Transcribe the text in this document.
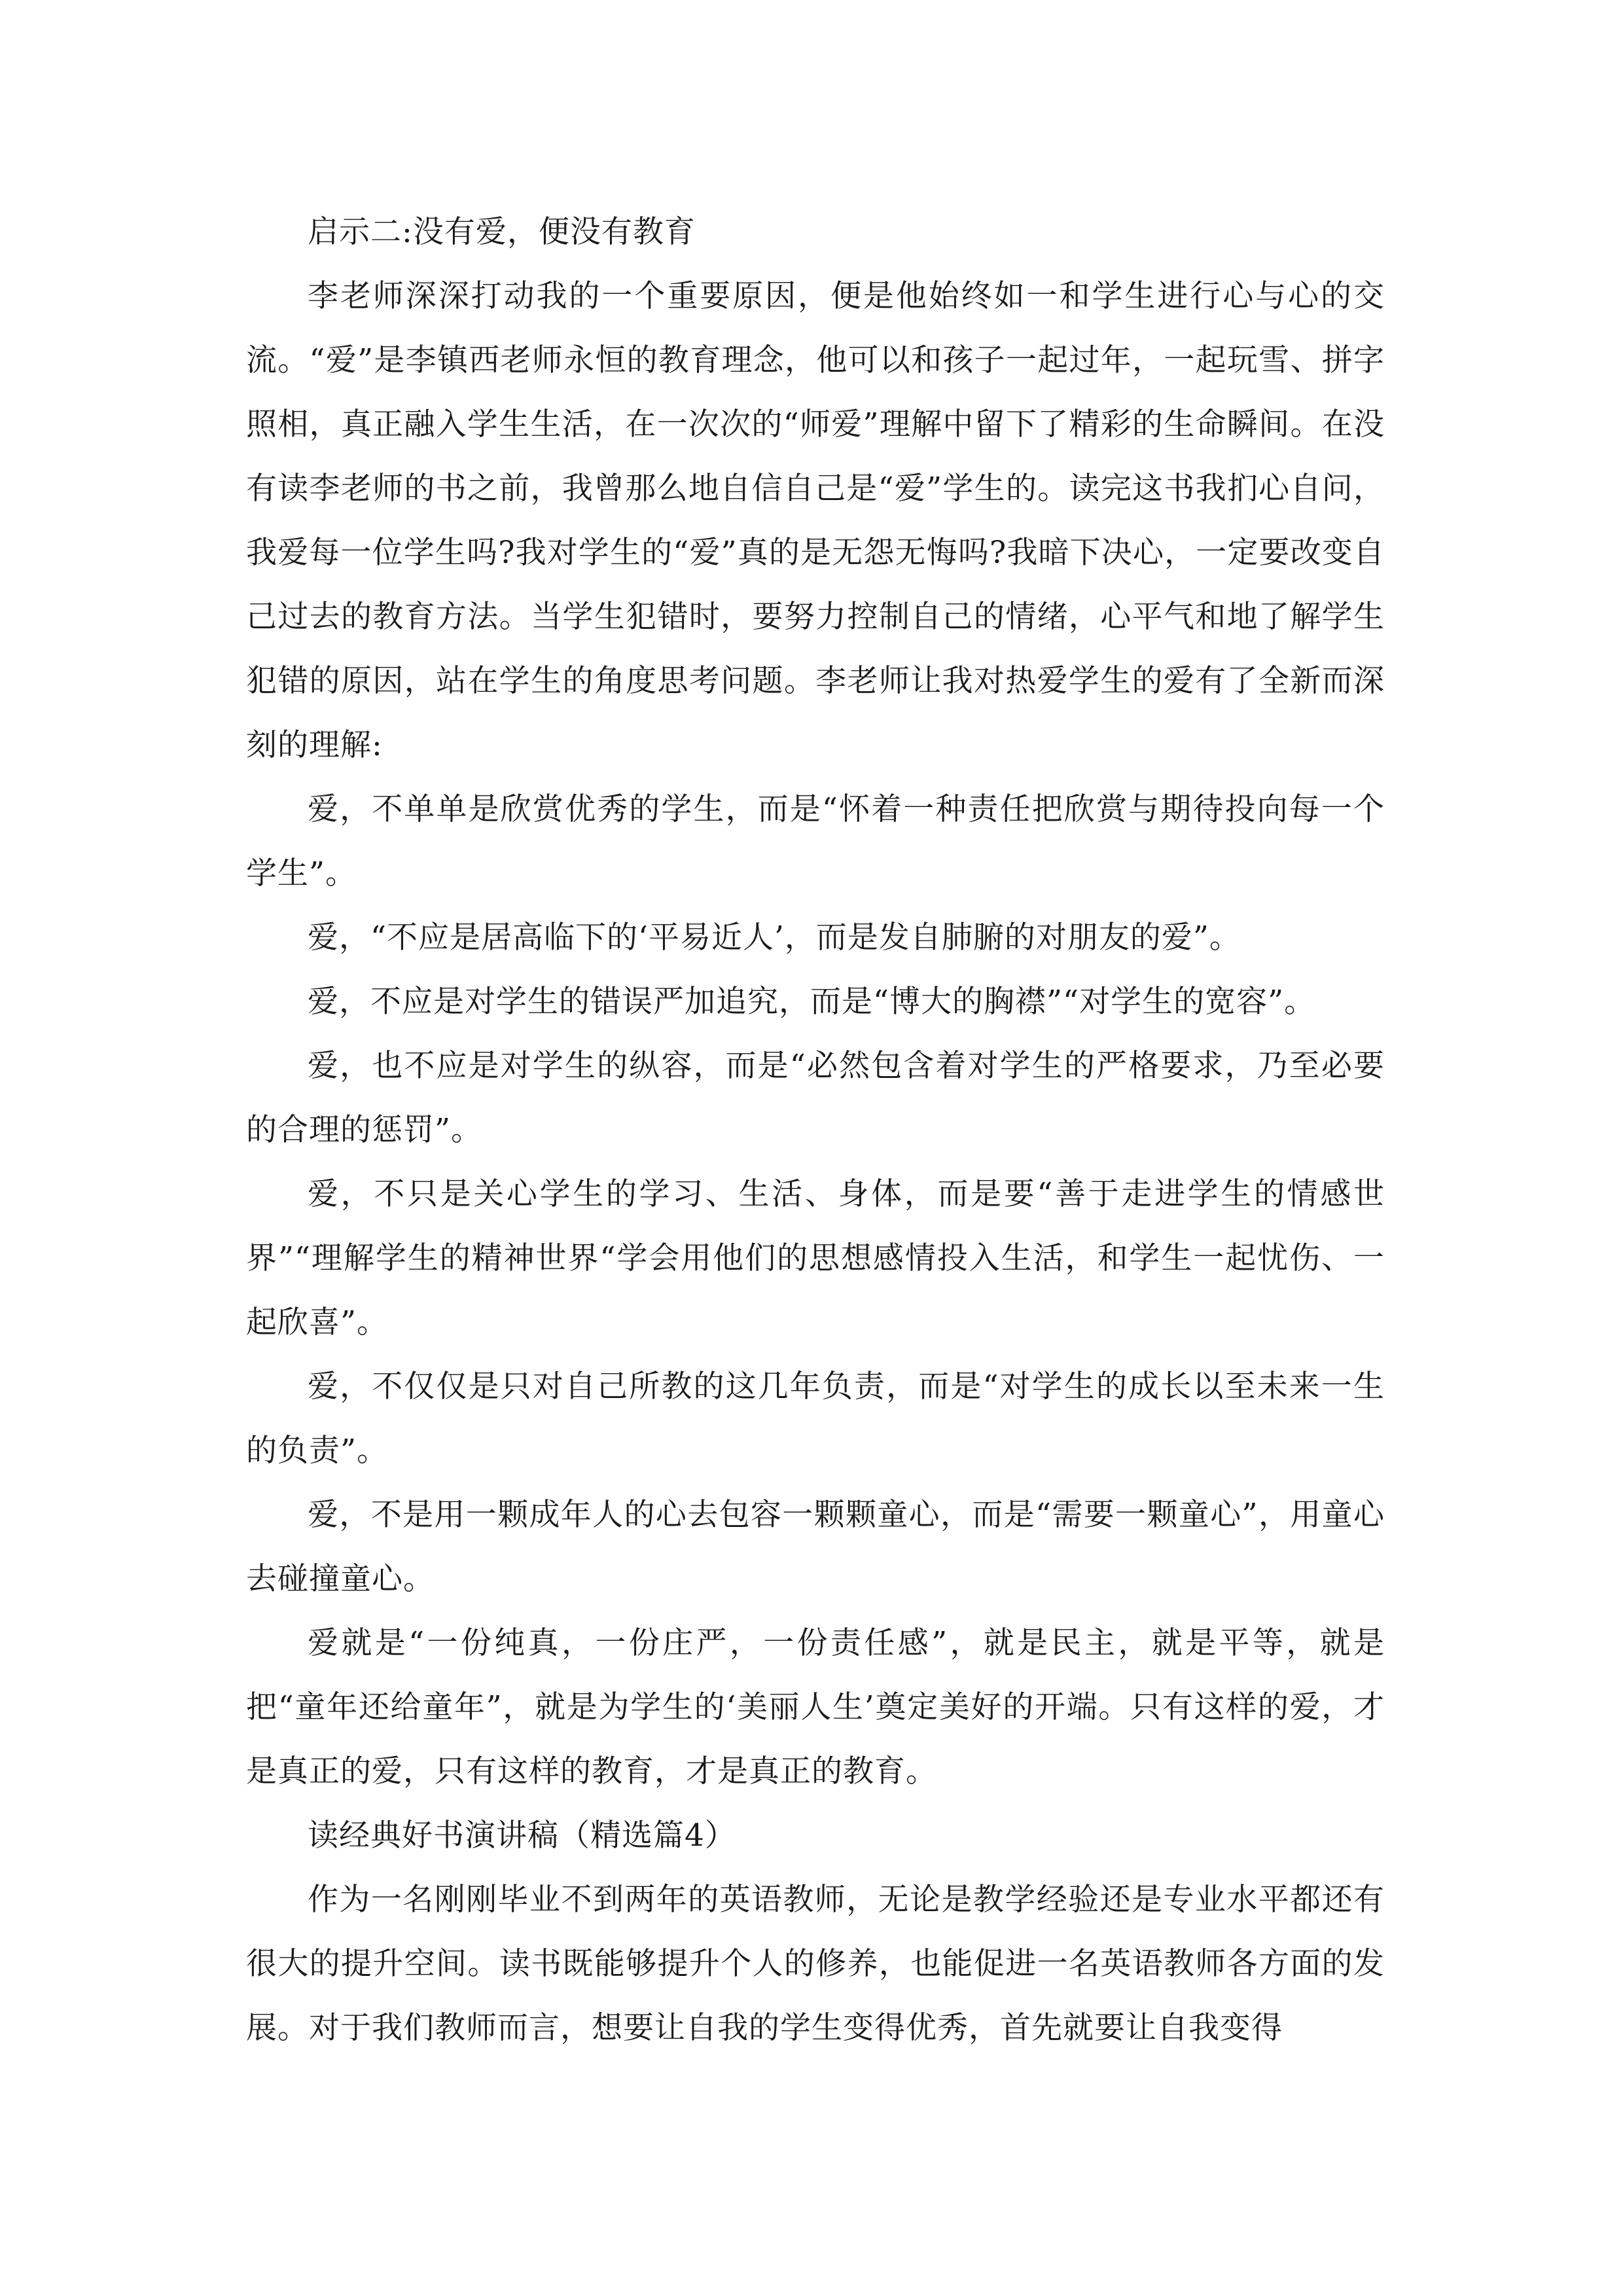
启示二:没有爱，便没有教育

李老师深深打动我的一个重要原因，便是他始终如一和学生进行心与心的交流。“爱”是李镇西老师永恒的教育理念，他可以和孩子一起过年，一起玩雪、拼字照相，真正融入学生生活，在一次次的“师爱”理解中留下了精彩的生命瞬间。在没有读李老师的书之前，我曾那么地自信自己是“爱”学生的。读完这书我扪心自问，我爱每一位学生吗?我对学生的“爱”真的是无怨无悔吗?我暗下决心，一定要改变自己过去的教育方法。当学生犯错时，要努力控制自己的情绪，心平气和地了解学生犯错的原因，站在学生的角度思考问题。李老师让我对热爱学生的爱有了全新而深刻的理解:

爱，不单单是欣赏优秀的学生，而是“怀着一种责任把欣赏与期待投向每一个学生”。

爱，“不应是居高临下的‘平易近人’，而是发自肺腑的对朋友的爱”。

爱，不应是对学生的错误严加追究，而是“博大的胸襟”“对学生的宽容”。

爱，也不应是对学生的纵容，而是“必然包含着对学生的严格要求，乃至必要的合理的惩罚”。

爱，不只是关心学生的学习、生活、身体，而是要“善于走进学生的情感世界”“理解学生的精神世界“学会用他们的思想感情投入生活，和学生一起忧伤、一起欣喜”。

爱，不仅仅是只对自己所教的这几年负责，而是“对学生的成长以至未来一生的负责”。

爱，不是用一颗成年人的心去包容一颗颗童心，而是“需要一颗童心”，用童心去碰撞童心。

爱就是“一份纯真，一份庄严，一份责任感”，就是民主，就是平等，就是把“童年还给童年”，就是为学生的‘美丽人生’奠定美好的开端。只有这样的爱，才是真正的爱，只有这样的教育，才是真正的教育。

读经典好书演讲稿（精选篇4）

作为一名刚刚毕业不到两年的英语教师，无论是教学经验还是专业水平都还有很大的提升空间。读书既能够提升个人的修养，也能促进一名英语教师各方面的发展。对于我们教师而言，想要让自我的学生变得优秀，首先就要让自我变得
